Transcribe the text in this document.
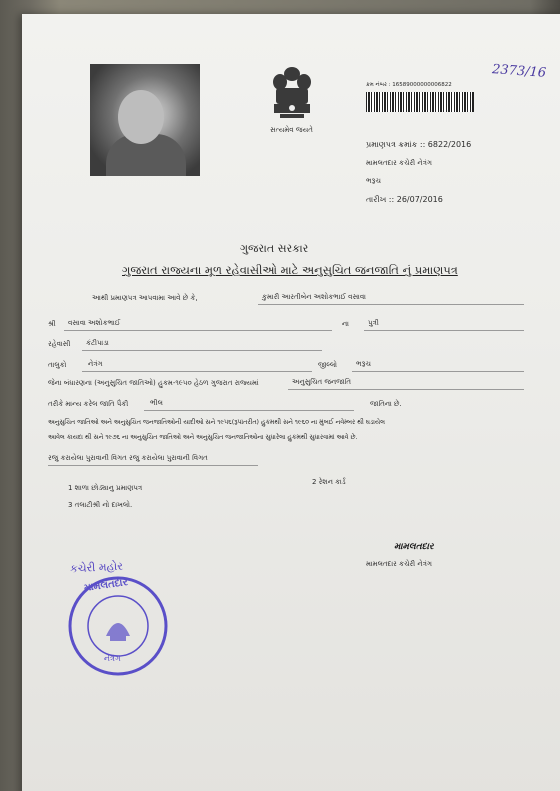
સત્યમેવ જયતે
2373/16
ક્રમ નંબર : 16589000000006822
પ્રમાણપત્ર ક્રમાંક :: 6822/2016
મામલતદાર કચેરી નેત્રંગ
ભરૂચ
તારીખ :: 26/07/2016
ગુજરાત સરકાર
ગુજરાત રાજ્યના મૂળ રહેવાસીઓ માટે અનુસુચિત જનજાતિ નું પ્રમાણપત્ર
આથી પ્રમાણપત્ર આપવામા આવે છે કે,	કુમારી આરતીબેન અશોકભાઈ વસાવા
શ્રી વસાવા અશોકભાઈ	ના	પુત્રી
રહેવાસી કંટીપાડા
તાલુકો	નેત્રંગ	જીલ્લો	ભરૂચ
જેના બંધારણના (અનુસુચિત જાતિઓ) હુકમ-૧૯૫૦ હેઠળ ગુજરાત રાજ્યમાં	અનુસુચિત જનજાતિ
તરીકે માન્ય કરેલ જાતિ પૈકી	ભીલ	જાતિના છે.
અનુસુચિત જાતિઓ અને અનુસુચિત જનજાતિઓની યાદીઓ સને ૧૯૫૬(રૂપાંતરીત) હુકમથી સને ૧૯૬૦ ના મુંબઈ નવેમ્બર થી ઘડાયેલ
આવેલ કાયદા થી સને ૧૯૭૬ ના અનુસુચિત જાતિઓ અને અનુસુચિત જનજાતિઓના સુધારેલા હુકમથી સુધારવામાં આવે છે.
રજુ કરાયેલા પુરાવાની વિગત રજુ કરાયેલા પુરાવાની વિગત
1 શાળા છોડ્યાનુ પ્રમાણપત્ર
2 રેશન કાર્ડ
3 તલાટીશ્રી નો દાખલો.
મામલતદાર
મામલતદાર કચેરી નેત્રંગ
કચેરી મહોર
મામલતદાર
નેત્રંગ
